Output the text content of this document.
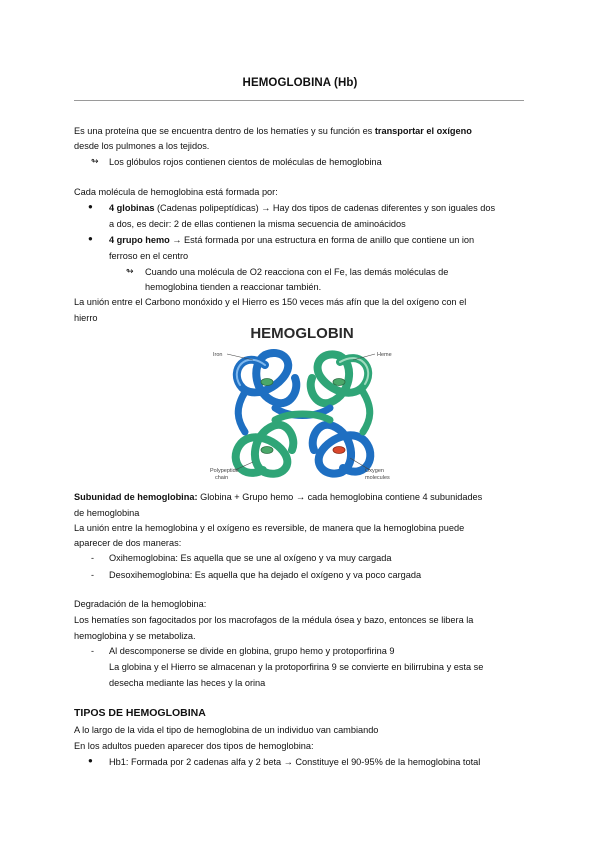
HEMOGLOBINA (Hb)
Es una proteína que se encuentra dentro de los hematíes y su función es transportar el oxígeno
desde los pulmones a los tejidos.
↬ Los glóbulos rojos contienen cientos de moléculas de hemoglobina
Cada molécula de hemoglobina está formada por:
● 4 globinas (Cadenas polipeptídicas) → Hay dos tipos de cadenas diferentes y son iguales dos
a dos, es decir: 2 de ellas contienen la misma secuencia de aminoácidos
● 4 grupo hemo → Está formada por una estructura en forma de anillo que contiene un ion
ferroso en el centro
↬ Cuando una molécula de O2 reacciona con el Fe, las demás moléculas de
hemoglobina tienden a reaccionar también.
La unión entre el Carbono monóxido y el Hierro es 150 veces más afín que la del oxígeno con el
hierro
HEMOGLOBIN
Iron	Heme
Polypeptide
chain
Oxygen
molecules
Subunidad de hemoglobina: Globina + Grupo hemo → cada hemoglobina contiene 4 subunidades
de hemoglobina
La unión entre la hemoglobina y el oxígeno es reversible, de manera que la hemoglobina puede
aparecer de dos maneras:
- Oxihemoglobina: Es aquella que se une al oxígeno y va muy cargada
- Desoxihemoglobina: Es aquella que ha dejado el oxígeno y va poco cargada
Degradación de la hemoglobina:
Los hematíes son fagocitados por los macrofagos de la médula ósea y bazo, entonces se libera la
hemoglobina y se metaboliza.
- Al descomponerse se divide en globina, grupo hemo y protoporfirina 9
La globina y el Hierro se almacenan y la protoporfirina 9 se convierte en bilirrubina y esta se
desecha mediante las heces y la orina
TIPOS DE HEMOGLOBINA
A lo largo de la vida el tipo de hemoglobina de un individuo van cambiando
En los adultos pueden aparecer dos tipos de hemoglobina:
● Hb1: Formada por 2 cadenas alfa y 2 beta → Constituye el 90-95% de la hemoglobina total
